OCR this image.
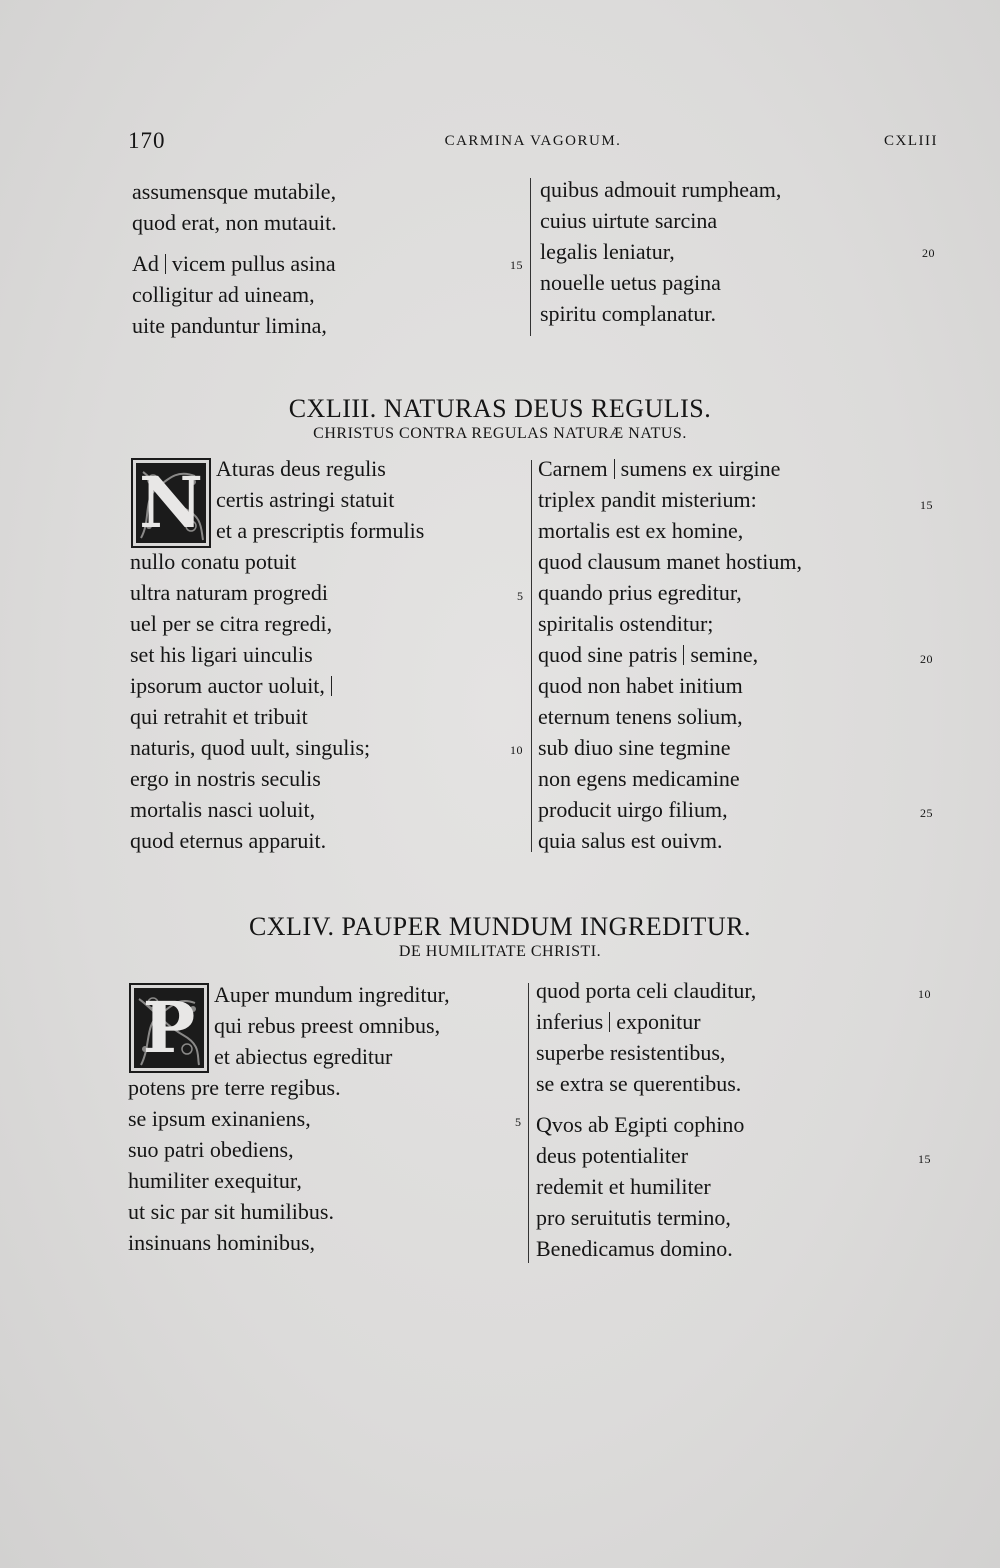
170	CARMINA VAGORUM.	CXLIII
assumensque mutabile,
quod erat, non mutauit.
Ad vicem pullus asina
colligitur ad uineam,
uite panduntur limina,
15
quibus admouit rumpheam,
cuius uirtute sarcina
legalis leniatur,
nouelle uetus pagina
spiritu complanatur.
20
CXLIII. NATURAS DEUS REGULIS.
CHRISTUS CONTRA REGULAS NATURÆ NATUS.
N Aturas deus regulis
certis astringi statuit
et a prescriptis formulis
nullo conatu potuit
ultra naturam progredi
uel per se citra regredi,
set his ligari uinculis
ipsorum auctor uoluit,
qui retrahit et tribuit
naturis, quod uult, singulis;
ergo in nostris seculis
mortalis nasci uoluit,
quod eternus apparuit.
5
10
Carnem sumens ex uirgine
triplex pandit misterium:
mortalis est ex homine,
quod clausum manet hostium,
quando prius egreditur,
spiritalis ostenditur;
quod sine patris semine,
quod non habet initium
eternum tenens solium,
sub diuo sine tegmine
non egens medicamine
producit uirgo filium,
quia salus est ouivm.
15
20
25
CXLIV. PAUPER MUNDUM INGREDITUR.
DE HUMILITATE CHRISTI.
P Auper mundum ingreditur,
qui rebus preest omnibus,
et abiectus egreditur
potens pre terre regibus.
se ipsum exinaniens,
suo patri obediens,
humiliter exequitur,
ut sic par sit humilibus.
insinuans hominibus,
5
quod porta celi clauditur,
inferius exponitur
superbe resistentibus,
se extra se querentibus.
Qvos ab Egipti cophino
deus potentialiter
redemit et humiliter
pro seruitutis termino,
Benedicamus domino.
10
15
